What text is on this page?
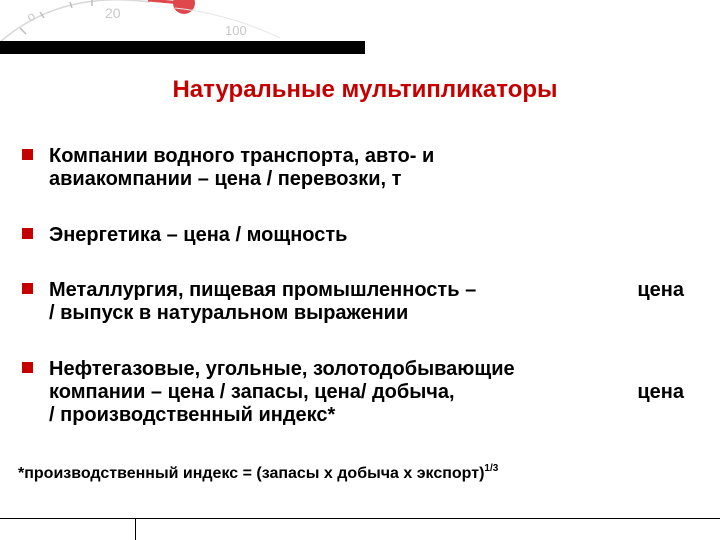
20
100
o
Натуральные мультипликаторы
Компании водного транспорта, авто- и
авиакомпании – цена / перевозки, т
Энергетика – цена / мощность
Металлургия, пищевая промышленность –
/ выпуск в натуральном выражении
цена
Нефтегазовые, угольные, золотодобывающие
компании – цена / запасы, цена/ добыча,
/ производственный индекс*
цена
*производственный индекс = (запасы х добыча х экспорт)$^{1/3}$
